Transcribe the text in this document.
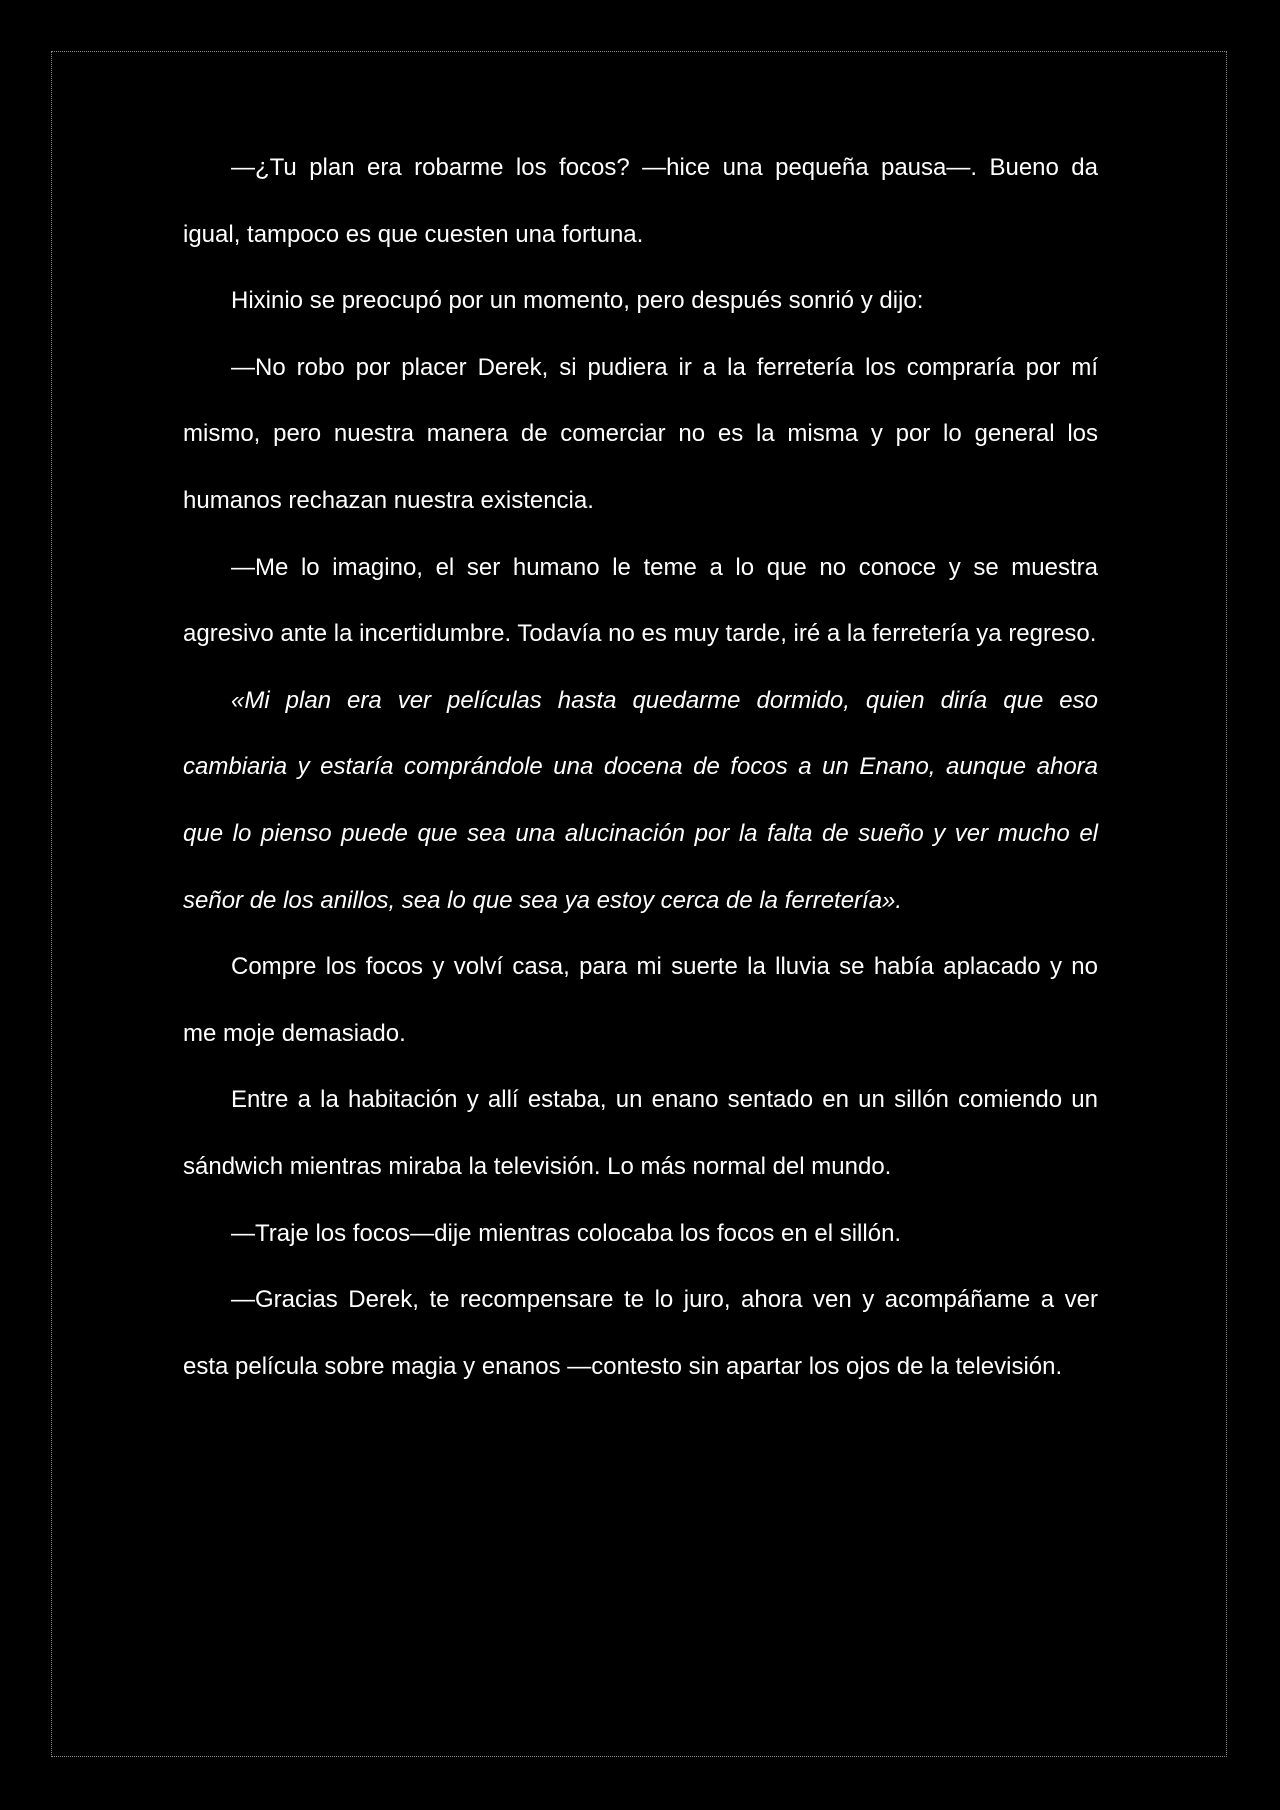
—¿Tu plan era robarme los focos? —hice una pequeña pausa—. Bueno da igual, tampoco es que cuesten una fortuna.

Hixinio se preocupó por un momento, pero después sonrió y dijo:

—No robo por placer Derek, si pudiera ir a la ferretería los compraría por mí mismo, pero nuestra manera de comerciar no es la misma y por lo general los humanos rechazan nuestra existencia.

—Me lo imagino, el ser humano le teme a lo que no conoce y se muestra agresivo ante la incertidumbre. Todavía no es muy tarde, iré a la ferretería ya regreso.

«Mi plan era ver películas hasta quedarme dormido, quien diría que eso cambiaria y estaría comprándole una docena de focos a un Enano, aunque ahora que lo pienso puede que sea una alucinación por la falta de sueño y ver mucho el señor de los anillos, sea lo que sea ya estoy cerca de la ferretería».

Compre los focos y volví casa, para mi suerte la lluvia se había aplacado y no me moje demasiado.

Entre a la habitación y allí estaba, un enano sentado en un sillón comiendo un sándwich mientras miraba la televisión. Lo más normal del mundo.

—Traje los focos—dije mientras colocaba los focos en el sillón.

—Gracias Derek, te recompensare te lo juro, ahora ven y acompáñame a ver esta película sobre magia y enanos —contesto sin apartar los ojos de la televisión.
